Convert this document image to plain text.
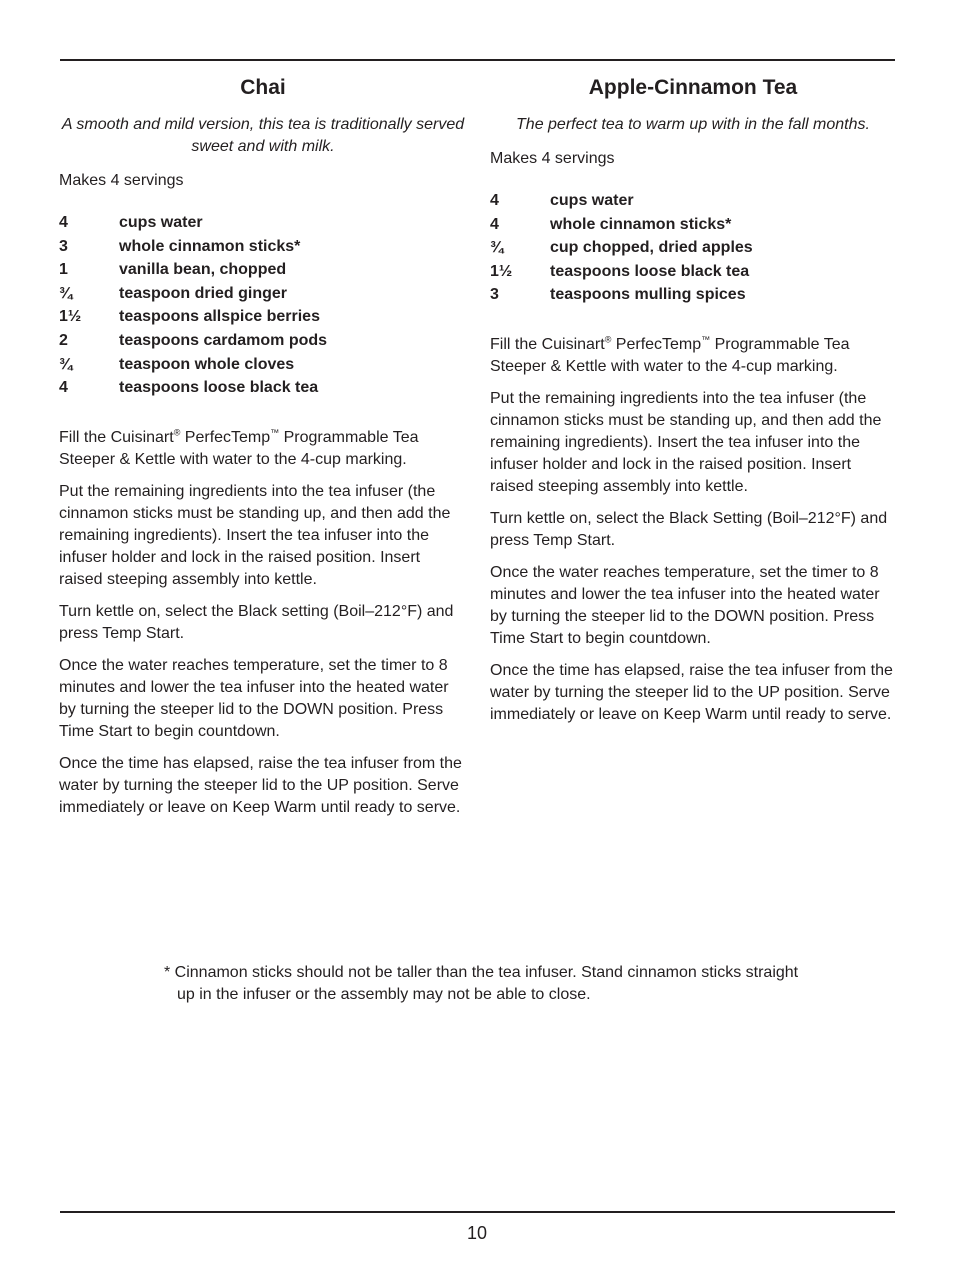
Chai

A smooth and mild version, this tea is traditionally served sweet and with milk.

Makes 4 servings

4	cups water
3	whole cinnamon sticks*
1	vanilla bean, chopped
¾	teaspoon dried ginger
1½	teaspoons allspice berries
2	teaspoons cardamom pods
¾	teaspoon whole cloves
4	teaspoons loose black tea

Fill the Cuisinart® PerfecTemp™ Programmable Tea Steeper & Kettle with water to the 4-cup marking.

Put the remaining ingredients into the tea infuser (the cinnamon sticks must be standing up, and then add the remaining ingredients). Insert the tea infuser into the infuser holder and lock in the raised position. Insert raised steeping assembly into kettle.

Turn kettle on, select the Black setting (Boil–212°F) and press Temp Start.

Once the water reaches temperature, set the timer to 8 minutes and lower the tea infuser into the heated water by turning the steeper lid to the DOWN position. Press Time Start to begin countdown.

Once the time has elapsed, raise the tea infuser from the water by turning the steeper lid to the UP position. Serve immediately or leave on Keep Warm until ready to serve.

Apple-Cinnamon Tea

The perfect tea to warm up with in the fall months.

Makes 4 servings

4	cups water
4	whole cinnamon sticks*
¾	cup chopped, dried apples
1½	teaspoons loose black tea
3	teaspoons mulling spices

Fill the Cuisinart® PerfecTemp™ Programmable Tea Steeper & Kettle with water to the 4-cup marking.

Put the remaining ingredients into the tea infuser (the cinnamon sticks must be standing up, and then add the remaining ingredients). Insert the tea infuser into the infuser holder and lock in the raised position. Insert raised steeping assembly into kettle.

Turn kettle on, select the Black Setting (Boil–212°F) and press Temp Start.

Once the water reaches temperature, set the timer to 8 minutes and lower the tea infuser into the heated water by turning the steeper lid to the DOWN position. Press Time Start to begin countdown.

Once the time has elapsed, raise the tea infuser from the water by turning the steeper lid to the UP position. Serve immediately or leave on Keep Warm until ready to serve.

* Cinnamon sticks should not be taller than the tea infuser. Stand cinnamon sticks straight up in the infuser or the assembly may not be able to close.

10
